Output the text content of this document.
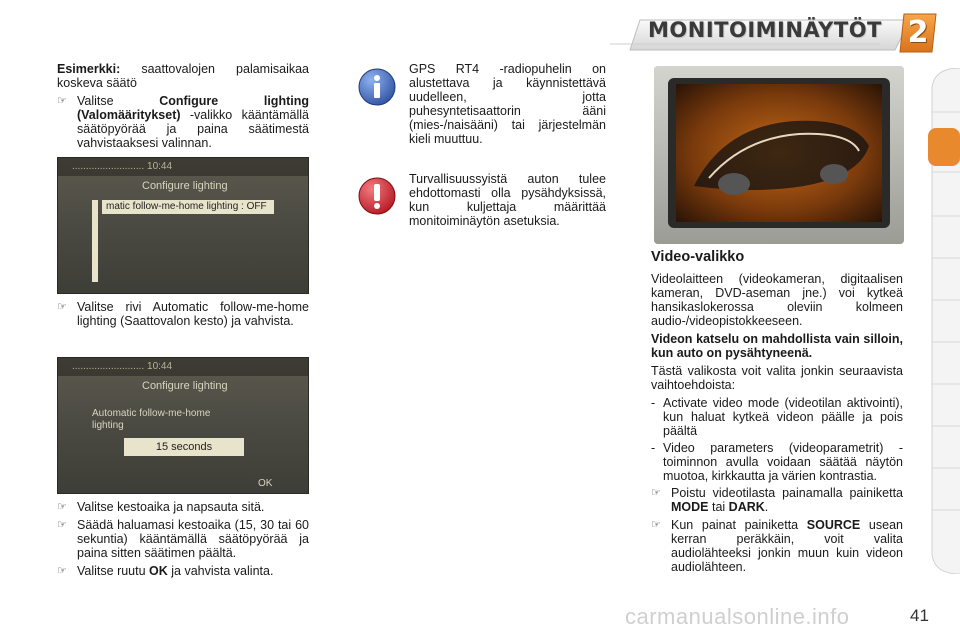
MONITOIMINÄYTÖT 2

Esimerkki: saattovalojen palamisaikaa koskeva säätö

☞ Valitse	Configure lighting (Valomääritykset) -valikko kääntämällä säätöpyörää ja paina säätimestä vahvistaaksesi valinnan.
.......................... 10:44
Configure lighting
matic follow-me-home lighting : OFF
☞ Valitse rivi Automatic follow-me-home lighting (Saattovalon kesto) ja vahvista.
.......................... 10:44
Configure lighting
Automatic follow-me-home
lighting
15 seconds
OK
☞ Valitse kestoaika ja napsauta sitä.
☞ Säädä haluamasi kestoaika (15, 30 tai 60 sekuntia) kääntämällä säätöpyörää ja paina sitten säätimen päältä.
☞ Valitse ruutu OK ja vahvista valinta.

GPS RT4 -radiopuhelin on alustettava ja käynnistettävä uudelleen, jotta puhesyntetisaattorin ääni (mies-/naisääni) tai järjestelmän kieli muuttuu.

Turvallisuussyistä auton tulee ehdottomasti olla pysähdyksissä, kun kuljettaja määrittää monitoiminäytön asetuksia.

Video-valikko

Videolaitteen (videokameran, digitaalisen kameran, DVD-aseman jne.) voi kytkeä hansikaslokerossa oleviin kolmeen audio-/videopistokkeeseen.

Videon katselu on mahdollista vain silloin, kun auto on pysähtyneenä.

Tästä valikosta voit valita jonkin seuraavista vaihtoehdoista:

- Activate video mode (videotilan aktivointi), kun haluat kytkeä videon päälle ja pois päältä
- Video parameters (videoparametrit) -toiminnon avulla voidaan säätää näytön muotoa, kirkkautta ja värien kontrastia.
☞ Poistu videotilasta painamalla painiketta MODE tai DARK.
☞ Kun painat painiketta SOURCE usean kerran peräkkäin, voit valita audiolähteeksi jonkin muun kuin videon audiolähteen.
carmanualsonline.info	41
